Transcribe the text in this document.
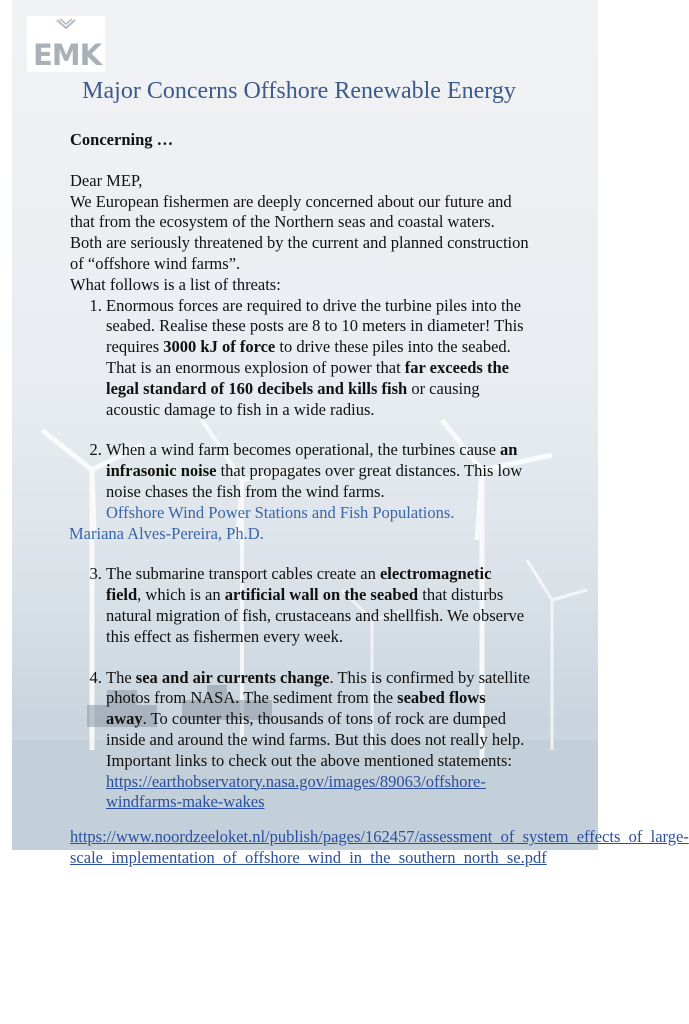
EMK
Major Concerns Offshore Renewable Energy

Concerning …

Dear MEP,

We European fishermen are deeply concerned about our future and that from the ecosystem of the Northern seas and coastal waters. Both are seriously threatened by the current and planned construction of “offshore wind farms”.

What follows is a list of threats:

1. Enormous forces are required to drive the turbine piles into the seabed. Realise these posts are 8 to 10 meters in diameter! This requires 3000 kJ of force to drive these piles into the seabed. That is an enormous explosion of power that far exceeds the legal standard of 160 decibels and kills fish or causing acoustic damage to fish in a wide radius.
2. When a wind farm becomes operational, the turbines cause an infrasonic noise that propagates over great distances. This low noise chases the fish from the wind farms.
Offshore Wind Power Stations and Fish Populations.
Mariana Alves-Pereira, Ph.D.
3. The submarine transport cables create an electromagnetic field, which is an artificial wall on the seabed that disturbs natural migration of fish, crustaceans and shellfish. We observe this effect as fishermen every week.
4. The sea and air currents change. This is confirmed by satellite photos from NASA. The sediment from the seabed flows away. To counter this, thousands of tons of rock are dumped inside and around the wind farms. But this does not really help. Important links to check out the above mentioned statements:
https://earthobservatory.nasa.gov/images/89063/offshore-windfarms-make-wakes
https://www.noordzeeloket.nl/publish/pages/162457/assessment_of_system_effects_of_large-scale_implementation_of_offshore_wind_in_the_southern_north_se.pdf
